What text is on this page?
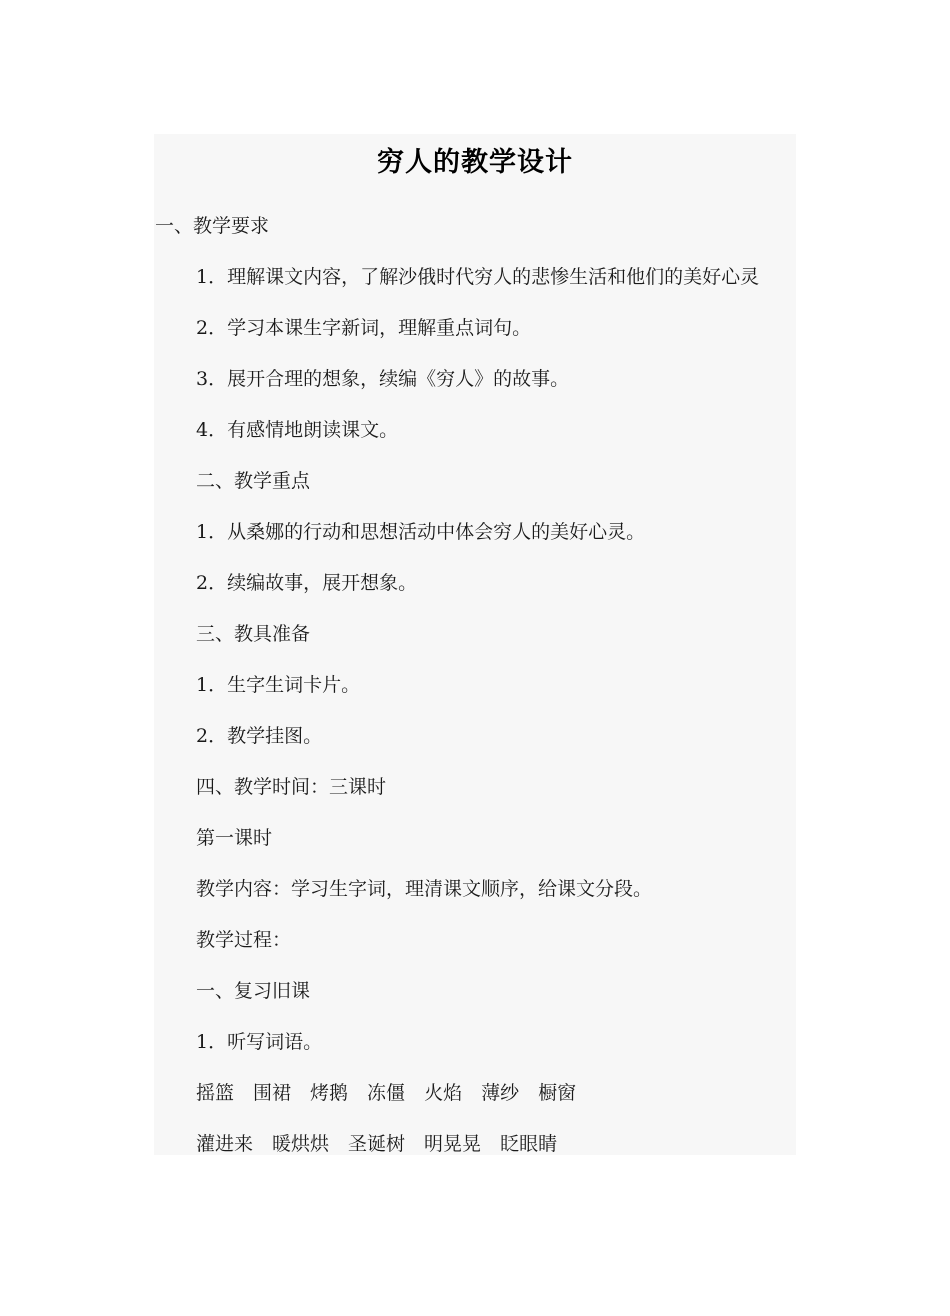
穷人的教学设计
一、教学要求
1．理解课文内容，了解沙俄时代穷人的悲惨生活和他们的美好心灵
2．学习本课生字新词，理解重点词句。
3．展开合理的想象，续编《穷人》的故事。
4．有感情地朗读课文。
二、教学重点
1．从桑娜的行动和思想活动中体会穷人的美好心灵。
2．续编故事，展开想象。
三、教具准备
1．生字生词卡片。
2．教学挂图。
四、教学时间：三课时
第一课时
教学内容：学习生字词，理清课文顺序，给课文分段。
教学过程：
一、复习旧课
1．听写词语。
摇篮 围裙 烤鹅 冻僵 火焰 薄纱 橱窗
灌进来 暖烘烘 圣诞树 明晃晃 眨眼睛
